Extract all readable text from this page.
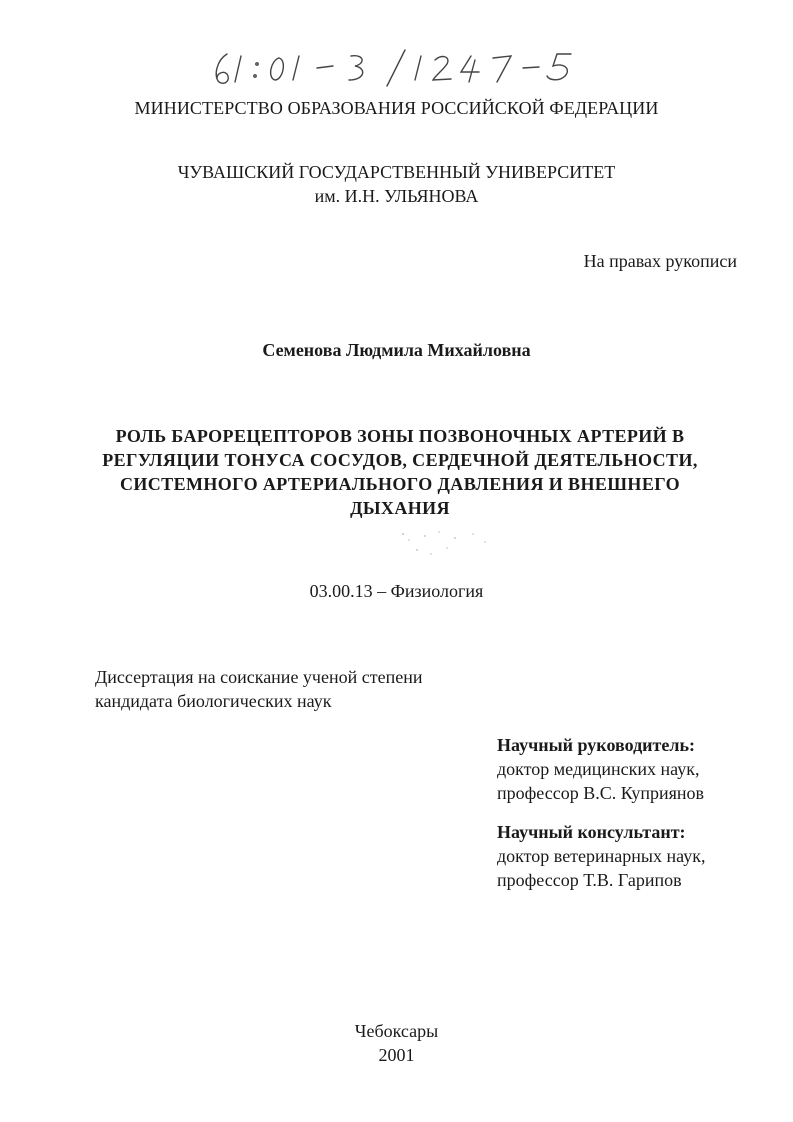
МИНИСТЕРСТВО ОБРАЗОВАНИЯ РОССИЙСКОЙ ФЕДЕРАЦИИ
ЧУВАШСКИЙ ГОСУДАРСТВЕННЫЙ УНИВЕРСИТЕТ
им. И.Н. УЛЬЯНОВА
На правах рукописи
Семенова Людмила Михайловна
РОЛЬ БАРОРЕЦЕПТОРОВ ЗОНЫ ПОЗВОНОЧНЫХ АРТЕРИЙ В
РЕГУЛЯЦИИ ТОНУСА СОСУДОВ, СЕРДЕЧНОЙ ДЕЯТЕЛЬНОСТИ,
СИСТЕМНОГО АРТЕРИАЛЬНОГО ДАВЛЕНИЯ И ВНЕШНЕГО
ДЫХАНИЯ
03.00.13 – Физиология
Диссертация на соискание ученой степени
кандидата биологических наук
Научный руководитель:
доктор медицинских наук,
профессор В.С. Куприянов
Научный консультант:
доктор ветеринарных наук,
профессор Т.В. Гарипов
Чебоксары
2001
